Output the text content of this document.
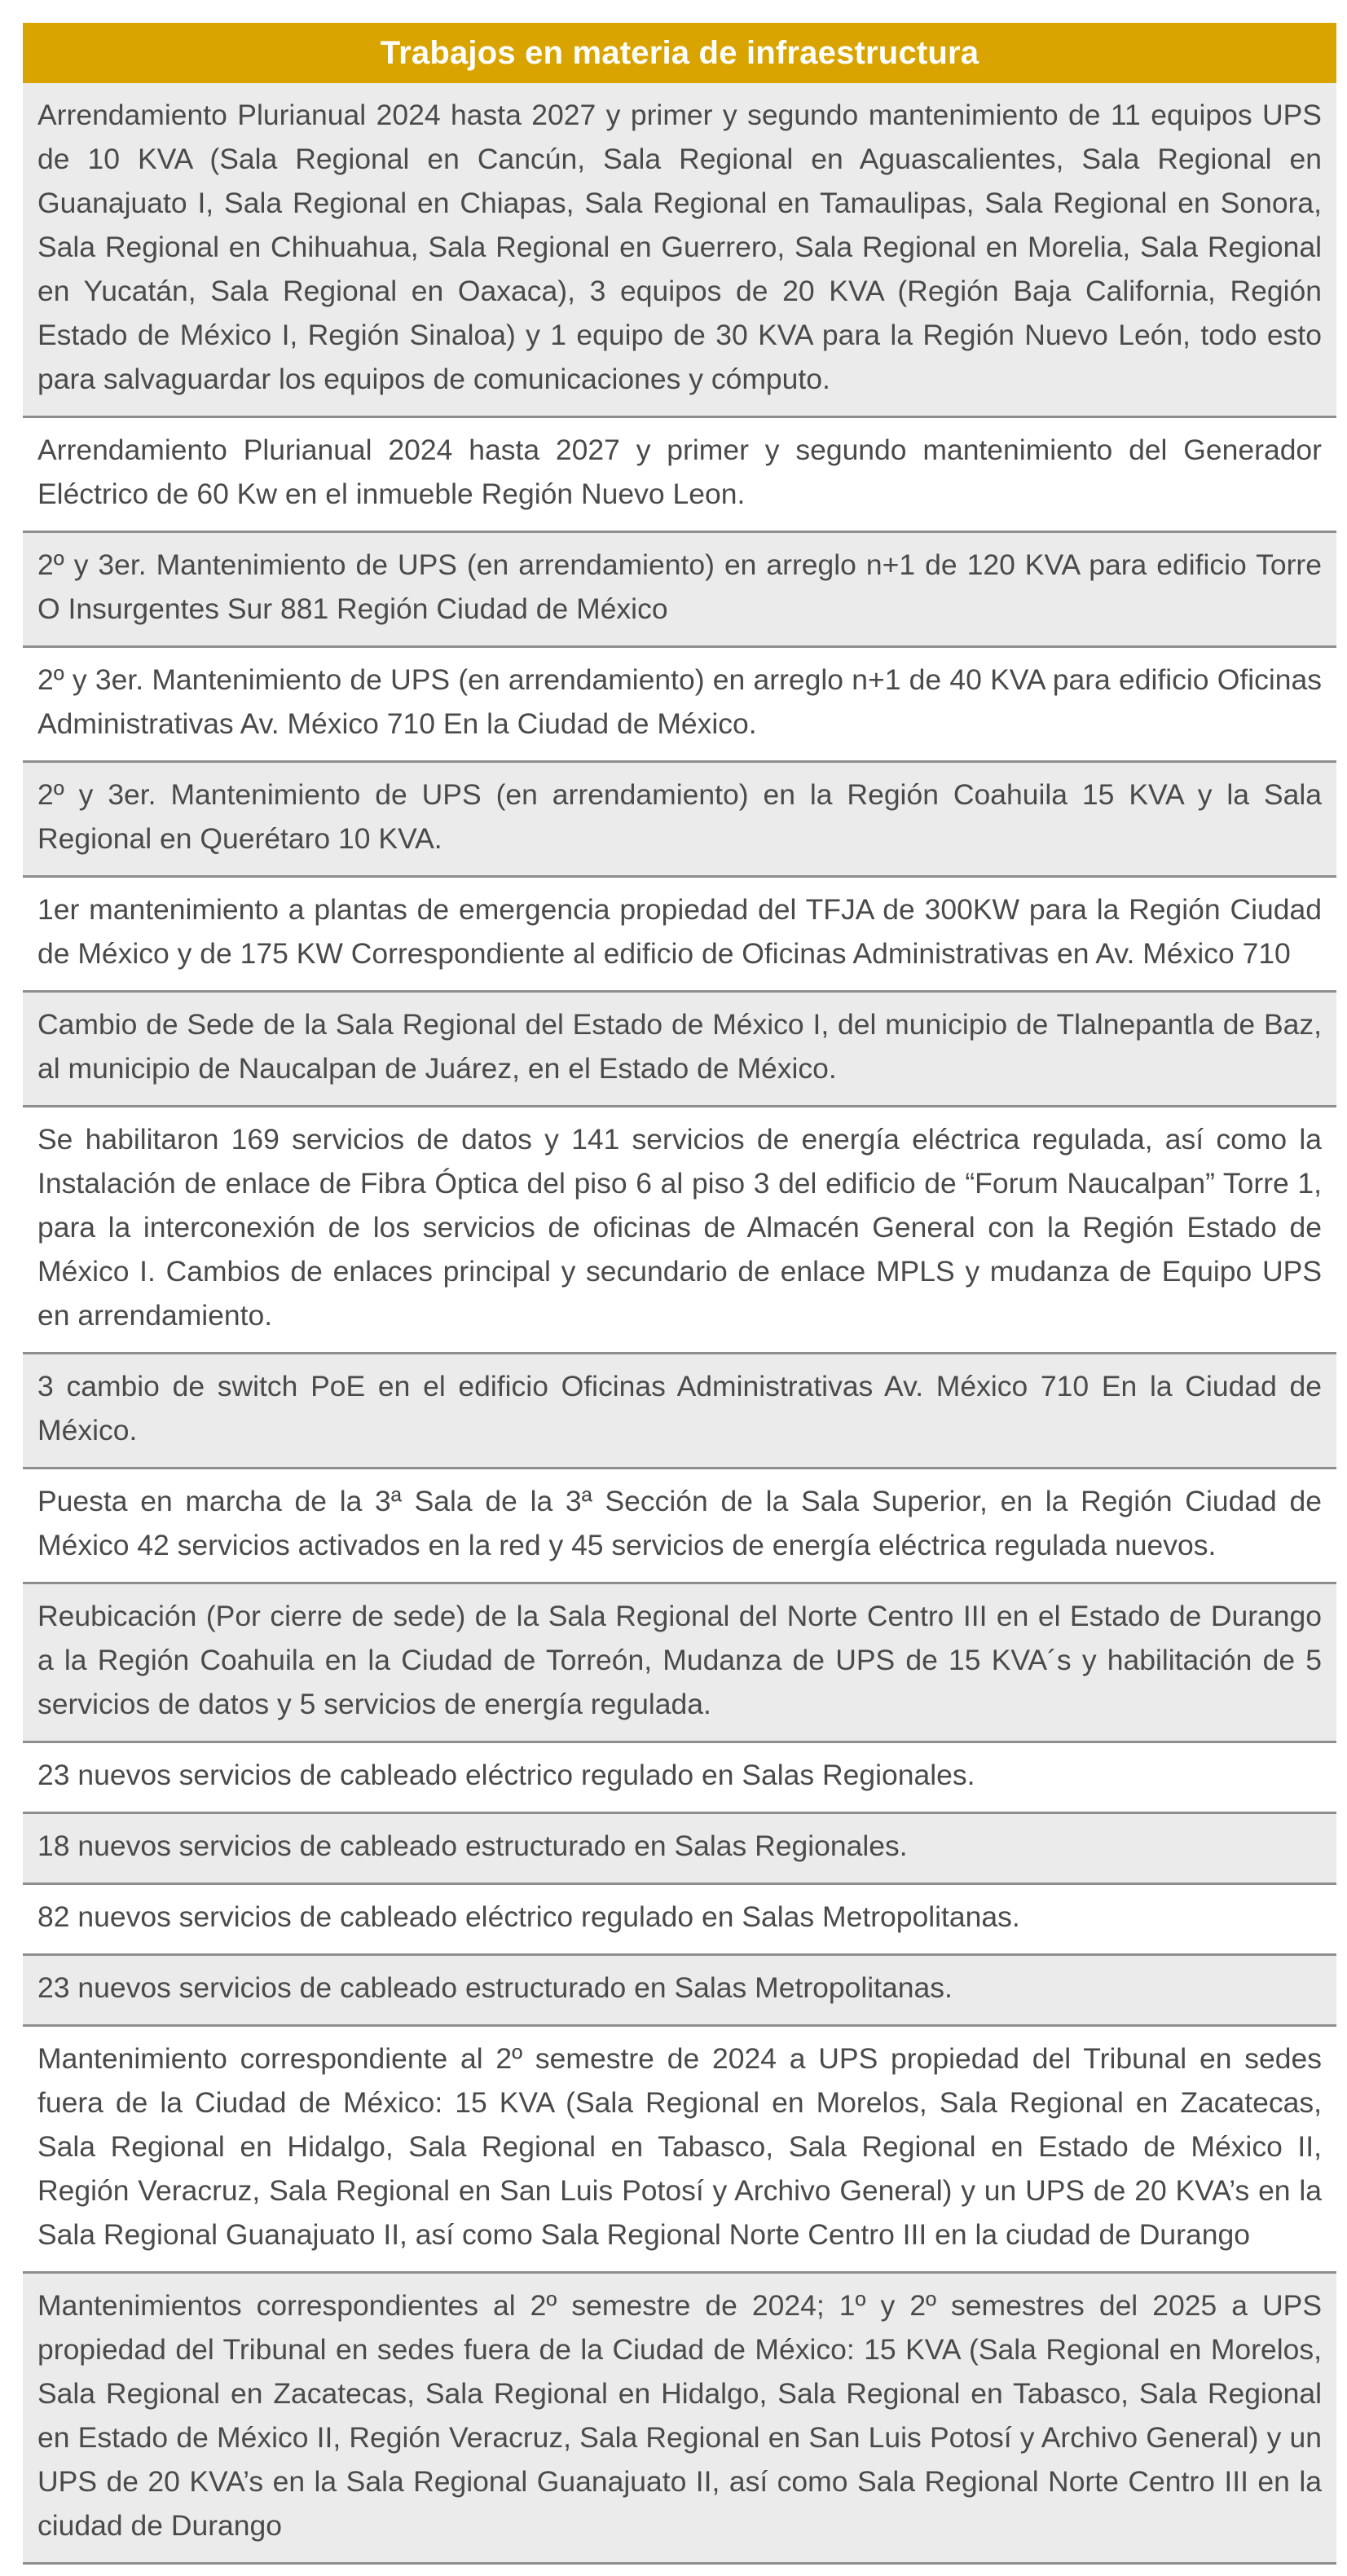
Trabajos en materia de infraestructura
Arrendamiento Plurianual 2024 hasta 2027 y primer y segundo mantenimiento de 11 equipos UPS de 10 KVA (Sala Regional en Cancún, Sala Regional en Aguascalientes, Sala Regional en Guanajuato I, Sala Regional en Chiapas, Sala Regional en Tamaulipas, Sala Regional en Sonora, Sala Regional en Chihuahua, Sala Regional en Guerrero, Sala Regional en Morelia, Sala Regional en Yucatán, Sala Regional en Oaxaca), 3 equipos de 20 KVA (Región Baja California, Región Estado de México I, Región Sinaloa) y 1 equipo de 30 KVA para la Región Nuevo León, todo esto para salvaguardar los equipos de comunicaciones y cómputo.
Arrendamiento Plurianual 2024 hasta 2027 y primer y segundo mantenimiento del Generador Eléctrico de 60 Kw en el inmueble Región Nuevo Leon.
2º y 3er. Mantenimiento de UPS (en arrendamiento) en arreglo n+1 de 120 KVA para edificio Torre O Insurgentes Sur 881 Región Ciudad de México
2º y 3er. Mantenimiento de UPS (en arrendamiento) en arreglo n+1 de 40 KVA para edificio Oficinas Administrativas Av. México 710 En la Ciudad de México.
2º y 3er. Mantenimiento de UPS (en arrendamiento) en la Región Coahuila 15 KVA y la Sala Regional en Querétaro 10 KVA.
1er mantenimiento a plantas de emergencia propiedad del TFJA de 300KW para la Región Ciudad de México y de 175 KW Correspondiente al edificio de Oficinas Administrativas en Av. México 710
Cambio de Sede de la Sala Regional del Estado de México I, del municipio de Tlalnepantla de Baz, al municipio de Naucalpan de Juárez, en el Estado de México.
Se habilitaron 169 servicios de datos y 141 servicios de energía eléctrica regulada, así como la Instalación de enlace de Fibra Óptica del piso 6 al piso 3 del edificio de “Forum Naucalpan” Torre 1, para la interconexión de los servicios de oficinas de Almacén General con la Región Estado de México I. Cambios de enlaces principal y secundario de enlace MPLS y mudanza de Equipo UPS en arrendamiento.
3 cambio de switch PoE en el edificio Oficinas Administrativas Av. México 710 En la Ciudad de México.
Puesta en marcha de la 3ª Sala de la 3ª Sección de la Sala Superior, en la Región Ciudad de México 42 servicios activados en la red y 45 servicios de energía eléctrica regulada nuevos.
Reubicación (Por cierre de sede) de la Sala Regional del Norte Centro III en el Estado de Durango a la Región Coahuila en la Ciudad de Torreón, Mudanza de UPS de 15 KVA´s y habilitación de 5 servicios de datos y 5 servicios de energía regulada.
23 nuevos servicios de cableado eléctrico regulado en Salas Regionales.
18 nuevos servicios de cableado estructurado en Salas Regionales.
82 nuevos servicios de cableado eléctrico regulado en Salas Metropolitanas.
23 nuevos servicios de cableado estructurado en Salas Metropolitanas.
Mantenimiento correspondiente al 2º semestre de 2024 a UPS propiedad del Tribunal en sedes fuera de la Ciudad de México: 15 KVA (Sala Regional en Morelos, Sala Regional en Zacatecas, Sala Regional en Hidalgo, Sala Regional en Tabasco, Sala Regional en Estado de México II, Región Veracruz, Sala Regional en San Luis Potosí y Archivo General) y un UPS de 20 KVA’s en la Sala Regional Guanajuato II, así como Sala Regional Norte Centro III en la ciudad de Durango
Mantenimientos correspondientes al 2º semestre de 2024; 1º y 2º semestres del 2025 a UPS propiedad del Tribunal en sedes fuera de la Ciudad de México: 15 KVA (Sala Regional en Morelos, Sala Regional en Zacatecas, Sala Regional en Hidalgo, Sala Regional en Tabasco, Sala Regional en Estado de México II, Región Veracruz, Sala Regional en San Luis Potosí y Archivo General) y un UPS de 20 KVA’s en la Sala Regional Guanajuato II, así como Sala Regional Norte Centro III en la ciudad de Durango
